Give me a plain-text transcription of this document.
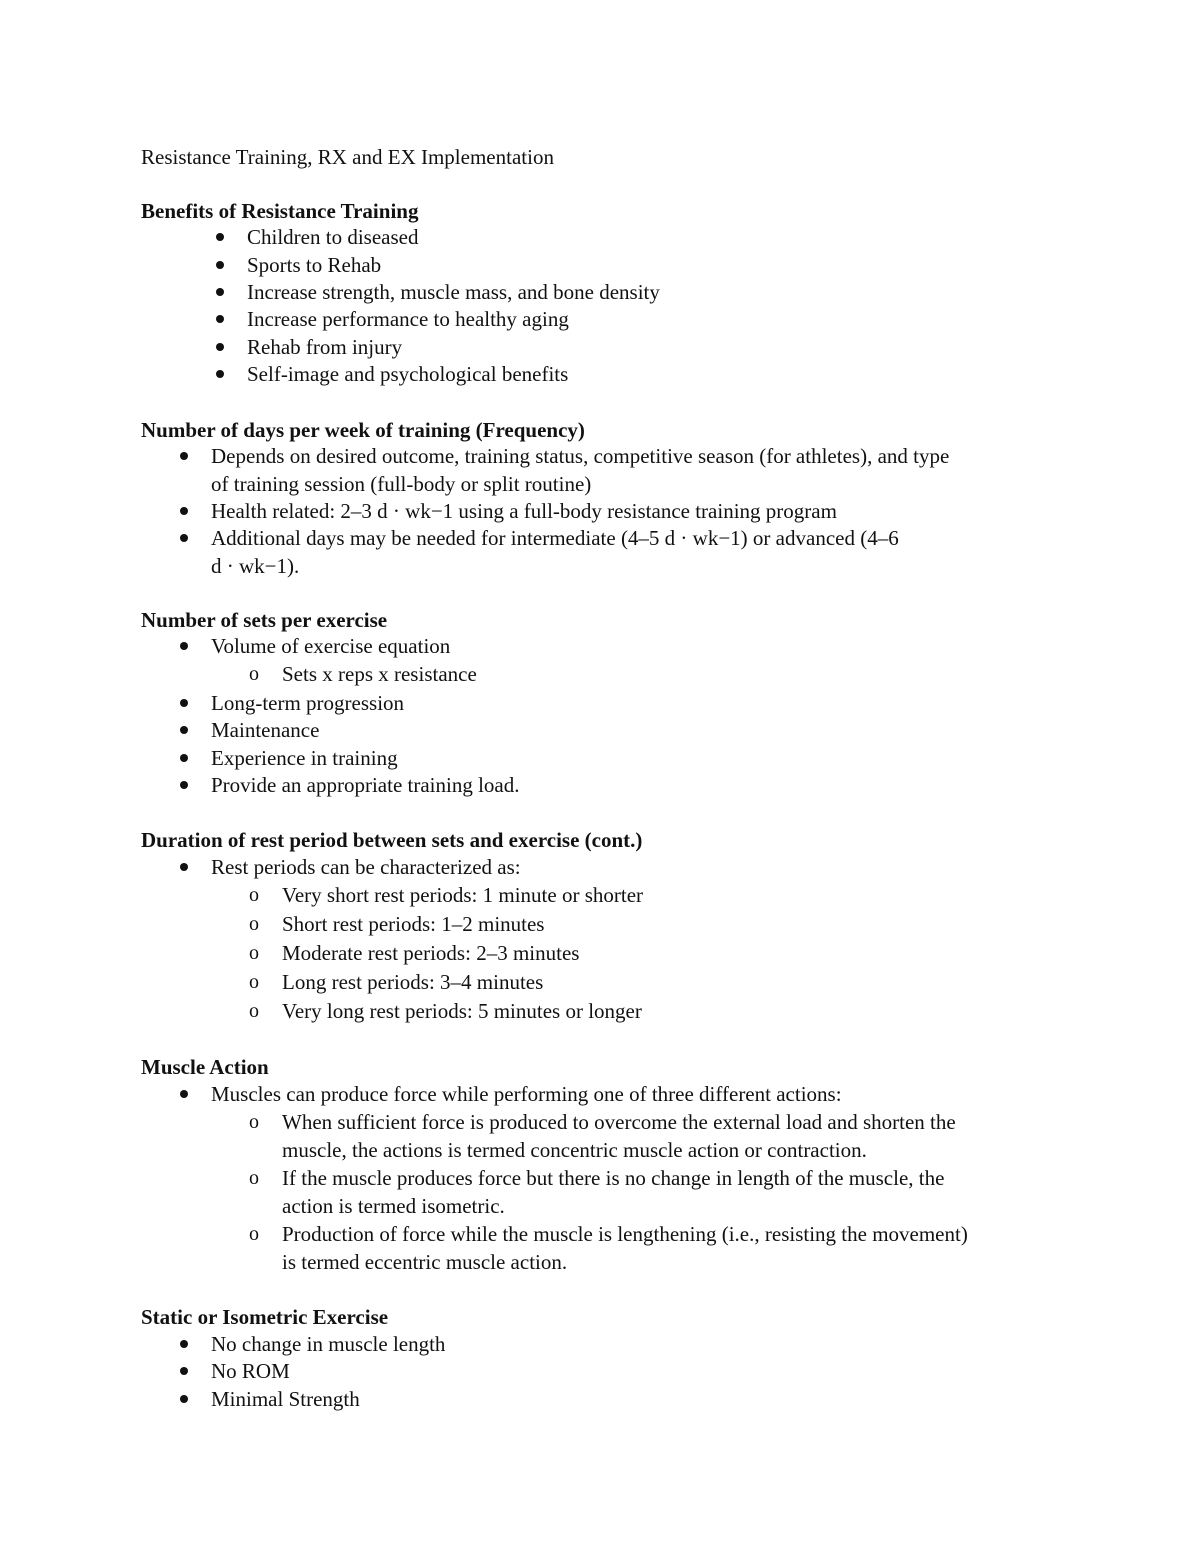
Resistance Training, RX and EX Implementation
Benefits of Resistance Training
Children to diseased
Sports to Rehab
Increase strength, muscle mass, and bone density
Increase performance to healthy aging
Rehab from injury
Self-image and psychological benefits
Number of days per week of training (Frequency)
Depends on desired outcome, training status, competitive season (for athletes), and type
of training session (full-body or split routine)
Health related: 2–3 d · wk−1 using a full-body resistance training program
Additional days may be needed for intermediate (4–5 d · wk−1) or advanced (4–6
d · wk−1).
Number of sets per exercise
Volume of exercise equation
o Sets x reps x resistance
Long-term progression
Maintenance
Experience in training
Provide an appropriate training load.
Duration of rest period between sets and exercise (cont.)
Rest periods can be characterized as:
o Very short rest periods: 1 minute or shorter
o Short rest periods: 1–2 minutes
o Moderate rest periods: 2–3 minutes
o Long rest periods: 3–4 minutes
o Very long rest periods: 5 minutes or longer
Muscle Action
Muscles can produce force while performing one of three different actions:
o When sufficient force is produced to overcome the external load and shorten the
muscle, the actions is termed concentric muscle action or contraction.
o If the muscle produces force but there is no change in length of the muscle, the
action is termed isometric.
o Production of force while the muscle is lengthening (i.e., resisting the movement)
is termed eccentric muscle action.
Static or Isometric Exercise
No change in muscle length
No ROM
Minimal Strength
